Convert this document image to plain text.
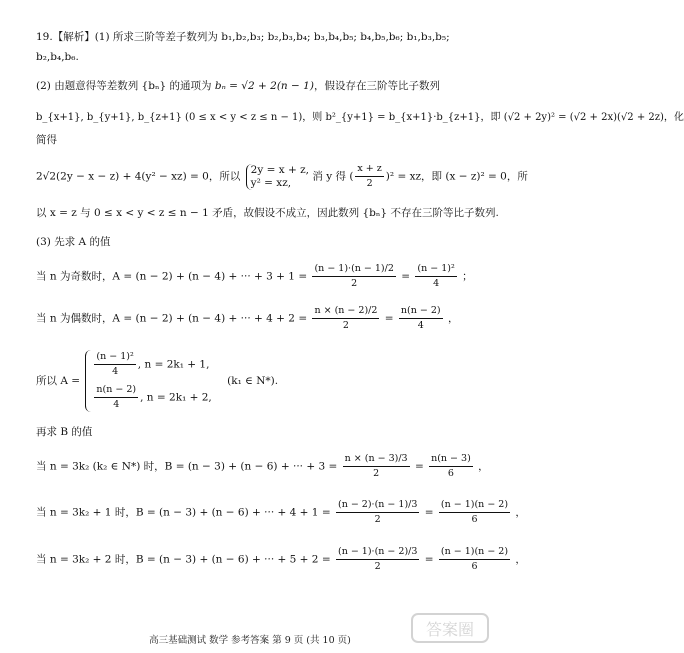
19.【解析】(1) 所求三阶等差子数列为 b₁,b₂,b₃; b₂,b₃,b₄; b₃,b₄,b₅; b₄,b₅,b₆; b₁,b₃,b₅;
b₂,b₄,b₆.
(2) 由题意得等差数列 {bₙ} 的通项为 bₙ = √2 + 2(n − 1)，假设存在三阶等比子数列
b_{x+1}, b_{y+1}, b_{z+1} (0 ≤ x < y < z ≤ n − 1)，则 b²_{y+1} = b_{x+1}·b_{z+1}，即 (√2 + 2y)² = (√2 + 2x)(√2 + 2z)，化
简得
2√2(2y − x − z) + 4(y² − xz) = 0，所以
2y = x + z,
y² = xz,	消 y 得 ( $\frac{x + z}{2} )^2$ = xz，即 (x − z)² = 0，所
以 x = z 与 0 ≤ x < y < z ≤ n − 1 矛盾，故假设不成立，因此数列 {bₙ} 不存在三阶等比子数列.
(3) 先求 A 的值
当 n 为奇数时，A = (n − 2) + (n − 4) + ··· + $3 + 1 = \frac{(n - 1)\cdot(n - 1)/2}{2} = \frac{\text{(n − 1)²}}{4}$ ；
当 n 为偶数时，A = (n − 2) + (n − 4) + ··· + $4 + 2 = \frac{n \times (n - 2)/2}{2} = \frac{n(n - 2)}{4}$ ，
所以 A =
$\frac{\text{(n − 1)²}}{4}$ , n = 2k₁ + 1,
$\frac{n(n - 2)}{4}$ , n = 2k₁ + 2,
(k₁ ∈ N*).
再求 B 的值
当 n = 3k₂ (k₂ ∈ N*) 时，B = (n − 3) + (n − 6) + ··· + $3 = \frac{n \times (n - 3)/3}{2} = \frac{n(n - 3)}{6}$ ，
当 n = 3k₂ + 1 时，B = (n − 3) + (n − 6) + ··· + $4 + 1 = \frac{(n - 2)\cdot(n - 1)/3}{2} = \frac{(n - 1)(n - 2)}{6}$ ，
当 n = 3k₂ + 2 时，B = (n − 3) + (n − 6) + ··· + $5 + 2 = \frac{(n - 1)\cdot(n - 2)/3}{2} = \frac{(n - 1)(n - 2)}{6}$ ，
高三基础测试 数学 参考答案 第 9 页 (共 10 页)
答案圈
